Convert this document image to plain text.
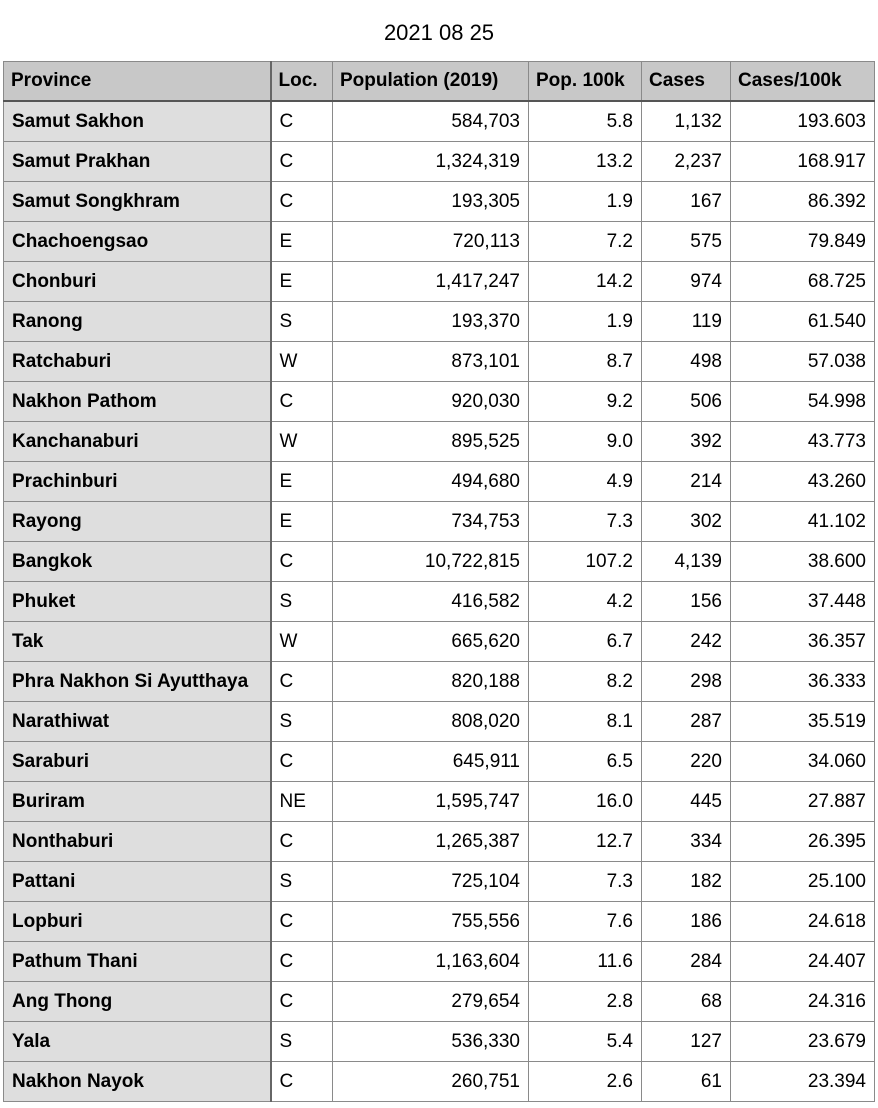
2021 08 25
Province	Loc.	Population (2019)	Pop. 100k	Cases	Cases/100k
Samut Sakhon	C	584,703	5.8	1,132	193.603
Samut Prakhan	C	1,324,319	13.2	2,237	168.917
Samut Songkhram	C	193,305	1.9	167	86.392
Chachoengsao	E	720,113	7.2	575	79.849
Chonburi	E	1,417,247	14.2	974	68.725
Ranong	S	193,370	1.9	119	61.540
Ratchaburi	W	873,101	8.7	498	57.038
Nakhon Pathom	C	920,030	9.2	506	54.998
Kanchanaburi	W	895,525	9.0	392	43.773
Prachinburi	E	494,680	4.9	214	43.260
Rayong	E	734,753	7.3	302	41.102
Bangkok	C	10,722,815	107.2	4,139	38.600
Phuket	S	416,582	4.2	156	37.448
Tak	W	665,620	6.7	242	36.357
Phra Nakhon Si Ayutthaya	C	820,188	8.2	298	36.333
Narathiwat	S	808,020	8.1	287	35.519
Saraburi	C	645,911	6.5	220	34.060
Buriram	NE	1,595,747	16.0	445	27.887
Nonthaburi	C	1,265,387	12.7	334	26.395
Pattani	S	725,104	7.3	182	25.100
Lopburi	C	755,556	7.6	186	24.618
Pathum Thani	C	1,163,604	11.6	284	24.407
Ang Thong	C	279,654	2.8	68	24.316
Yala	S	536,330	5.4	127	23.679
Nakhon Nayok	C	260,751	2.6	61	23.394
